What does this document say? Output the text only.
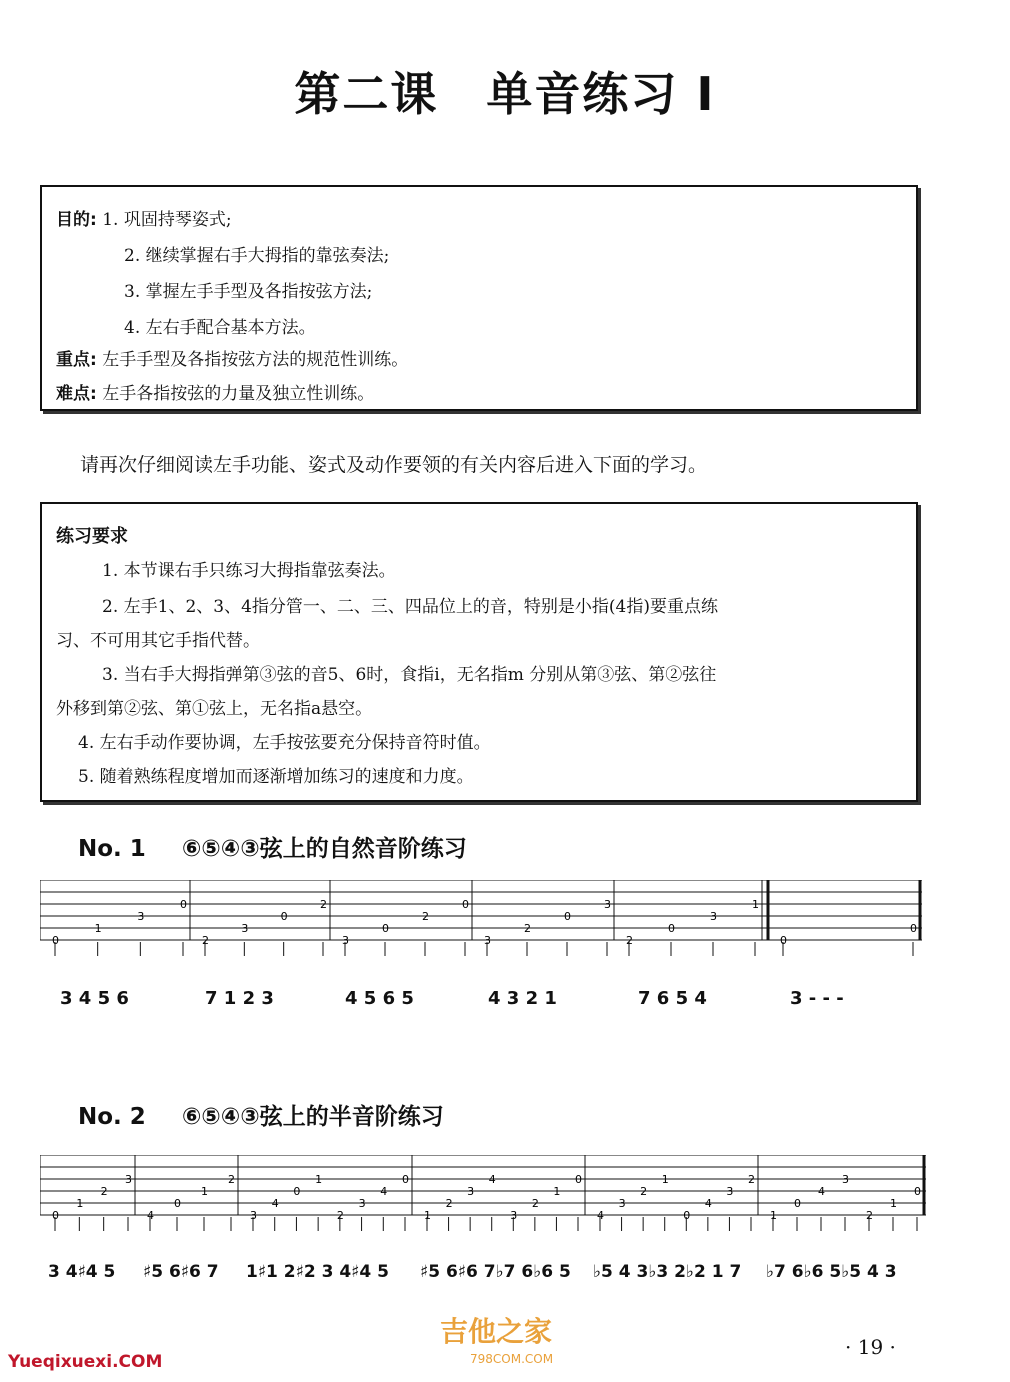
第二课　单音练习 I
目的: 1. 巩固持琴姿式;
2. 继续掌握右手大拇指的靠弦奏法;
3. 掌握左手手型及各指按弦方法;
4. 左右手配合基本方法。
重点: 左手手型及各指按弦方法的规范性训练。
难点: 左手各指按弦的力量及独立性训练。
请再次仔细阅读左手功能、姿式及动作要领的有关内容后进入下面的学习。
练习要求
1. 本节课右手只练习大拇指靠弦奏法。
2. 左手1、2、3、4指分管一、二、三、四品位上的音，特别是小指(4指)要重点练
习、不可用其它手指代替。
3. 当右手大拇指弹第③弦的音5、6时，食指i，无名指m 分别从第③弦、第②弦往
外移到第②弦、第①弦上，无名指a悬空。
4. 左右手动作要协调，左手按弦要充分保持音符时值。
5. 随着熟练程度增加而逐渐增加练习的速度和力度。
No. 1 ⑥⑤④③弦上的自然音阶练习
0
1
3
0
2
3
0
2
3
0
2
0
3
2
0
3
2
0
3
1
0
0
3 4 5 6	7 1 2 3	4 5 6 5	4 3 2 1	7 6 5 4	3 - - -
No. 2 ⑥⑤④③弦上的半音阶练习
0
1
2
3
4
0
1
2
3
4
0
1
2
3
4
0
1
2
3
4
3
2
1
0
4
3
2
1
0
4
3
2
1
0
4
3
2
1
0
3 4♯4 5 ♯5 6♯6 7 1♯1 2♯2 3 4♯4 5 ♯5 6♯6 7♭7 6♭6 5 ♭5 4 3♭3 2♭2 1 7 ♭7 6♭6 5♭5 4 3
Yueqixuexi.COM
吉他之家
798COM.COM	· 19 ·
